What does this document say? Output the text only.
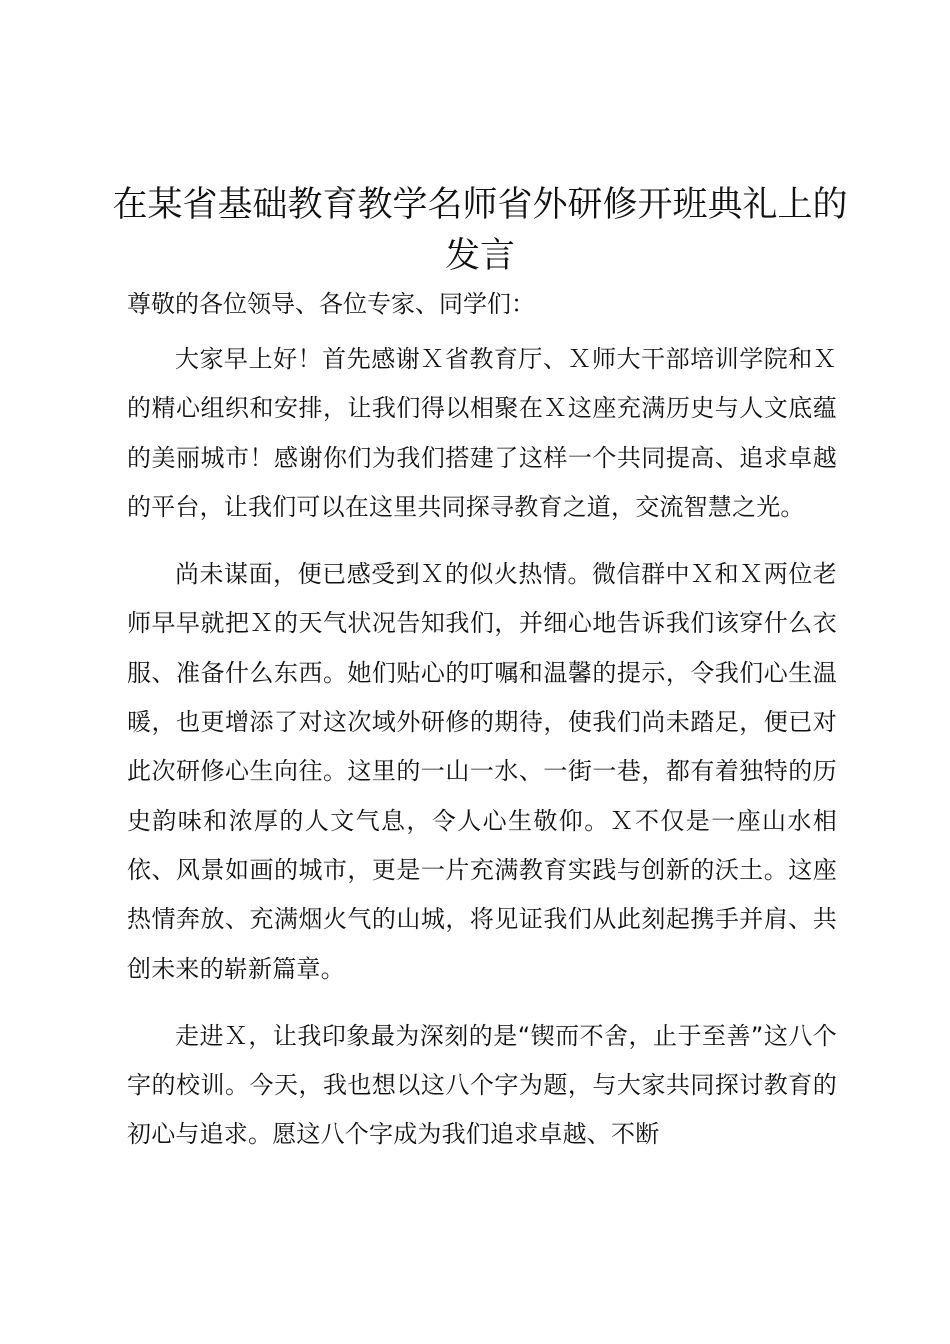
在某省基础教育教学名师省外研修开班典礼上的发言

尊敬的各位领导、各位专家、同学们：

大家早上好！首先感谢Ｘ省教育厅、Ｘ师大干部培训学院和Ｘ的精心组织和安排，让我们得以相聚在Ｘ这座充满历史与人文底蕴的美丽城市！感谢你们为我们搭建了这样一个共同提高、追求卓越的平台，让我们可以在这里共同探寻教育之道，交流智慧之光。

尚未谋面，便已感受到Ｘ的似火热情。微信群中Ｘ和Ｘ两位老师早早就把Ｘ的天气状况告知我们，并细心地告诉我们该穿什么衣服、准备什么东西。她们贴心的叮嘱和温馨的提示，令我们心生温暖，也更增添了对这次域外研修的期待，使我们尚未踏足，便已对此次研修心生向往。这里的一山一水、一街一巷，都有着独特的历史韵味和浓厚的人文气息，令人心生敬仰。Ｘ不仅是一座山水相依、风景如画的城市，更是一片充满教育实践与创新的沃土。这座热情奔放、充满烟火气的山城，将见证我们从此刻起携手并肩、共创未来的崭新篇章。

走进Ｘ，让我印象最为深刻的是“锲而不舍，止于至善”这八个字的校训。今天，我也想以这八个字为题，与大家共同探讨教育的初心与追求。愿这八个字成为我们追求卓越、不断
